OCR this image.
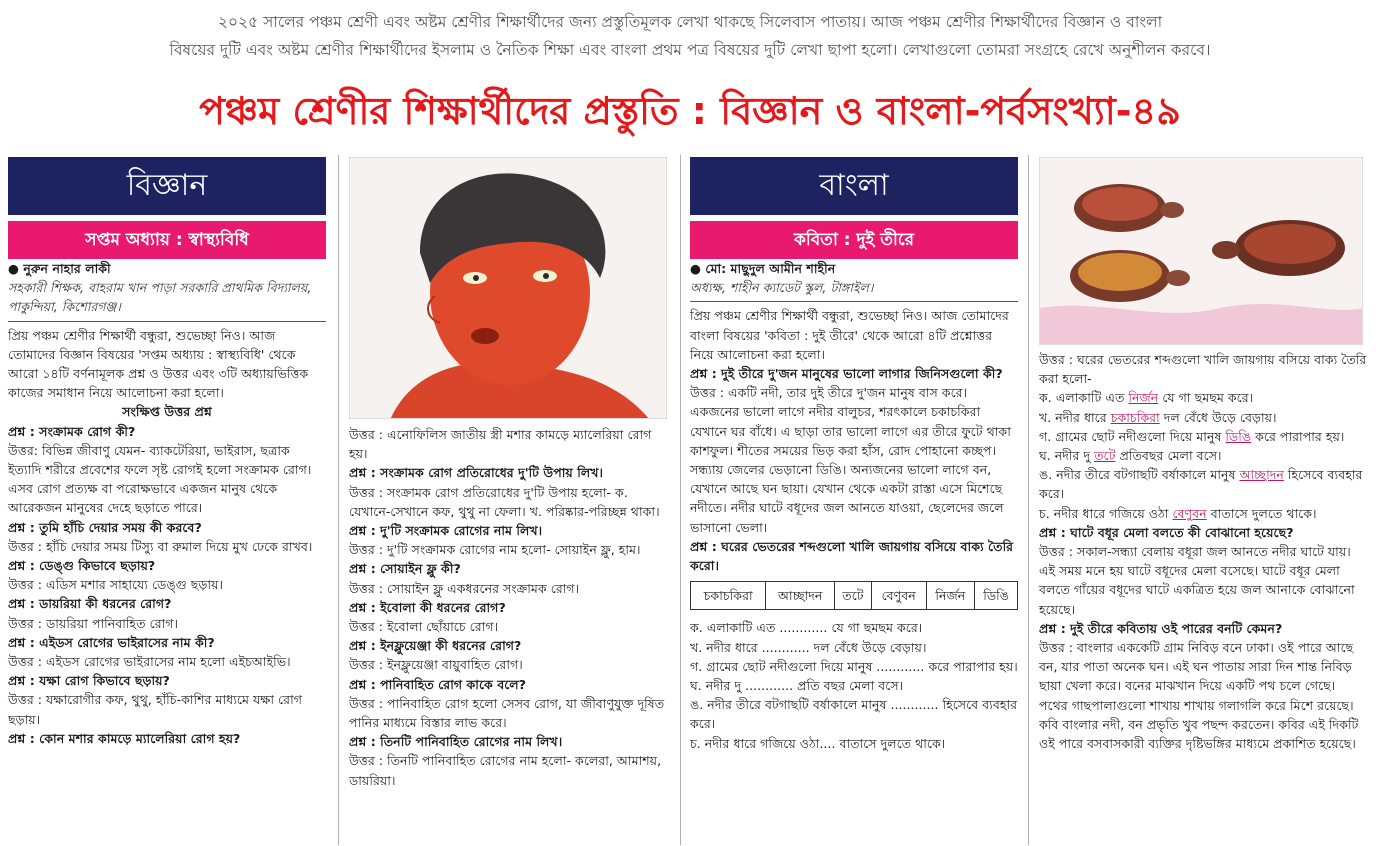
২০২৫ সালের পঞ্চম শ্রেণী এবং অষ্টম শ্রেণীর শিক্ষার্থীদের জন্য প্রস্তুতিমূলক লেখা থাকছে সিলেবাস পাতায়। আজ পঞ্চম শ্রেণীর শিক্ষার্থীদের বিজ্ঞান ও বাংলা
বিষয়ের দুটি এবং অষ্টম শ্রেণীর শিক্ষার্থীদের ইসলাম ও নৈতিক শিক্ষা এবং বাংলা প্রথম পত্র বিষয়ের দুটি লেখা ছাপা হলো। লেখাগুলো তোমরা সংগ্রহে রেখে অনুশীলন করবে।
পঞ্চম শ্রেণীর শিক্ষার্থীদের প্রস্তুতি : বিজ্ঞান ও বাংলা-পর্বসংখ্যা-৪৯
বিজ্ঞান
সপ্তম অধ্যায় : স্বাস্থ্যবিধি

● নুরুন নাহার লাকী

সহকারী শিক্ষক, বাহরাম খান পাড়া সরকারি প্রাথমিক বিদ্যালয়, পাকুন্দিয়া, কিশোরগঞ্জ।

প্রিয় পঞ্চম শ্রেণীর শিক্ষার্থী বন্ধুরা, শুভেচ্ছা নিও। আজ তোমাদের বিজ্ঞান বিষয়ের 'সপ্তম অধ্যায় : স্বাস্থ্যবিধি' থেকে আরো ১৪টি বর্ণনামূলক প্রশ্ন ও উত্তর এবং ৩টি অধ্যায়ভিত্তিক কাজের সমাধান নিয়ে আলোচনা করা হলো।

সংক্ষিপ্ত উত্তর প্রশ্ন

প্রশ্ন : সংক্রামক রোগ কী?

উত্তর: বিভিন্ন জীবাণু যেমন- ব্যাকটেরিয়া, ভাইরাস, ছত্রাক ইত্যাদি শরীরে প্রবেশের ফলে সৃষ্ট রোগই হলো সংক্রামক রোগ। এসব রোগ প্রত্যক্ষ বা পরোক্ষভাবে একজন মানুষ থেকে আরেকজন মানুষের দেহে ছড়াতে পারে।

প্রশ্ন : তুমি হাঁচি দেয়ার সময় কী করবে?

উত্তর : হাঁচি দেয়ার সময় টিস্যু বা রুমাল দিয়ে মুখ ঢেকে রাখব।

প্রশ্ন : ডেঙ্গু কিভাবে ছড়ায়?

উত্তর : এডিস মশার সাহায্যে ডেঙ্গু ছড়ায়।

প্রশ্ন : ডায়রিয়া কী ধরনের রোগ?

উত্তর : ডায়রিয়া পানিবাহিত রোগ।

প্রশ্ন : এইডস রোগের ভাইরাসের নাম কী?

উত্তর : এইডস রোগের ভাইরাসের নাম হলো এইচআইভি।

প্রশ্ন : যক্ষা রোগ কিভাবে ছড়ায়?

উত্তর : যক্ষারোগীর কফ, থুথু, হাঁচি-কাশির মাধ্যমে যক্ষা রোগ ছড়ায়।

প্রশ্ন : কোন মশার কামড়ে ম্যালেরিয়া রোগ হয়?

উত্তর : এনোফিলিস জাতীয় স্ত্রী মশার কামড়ে ম্যালেরিয়া রোগ হয়।

প্রশ্ন : সংক্রামক রোগ প্রতিরোধের দু'টি উপায় লিখ।

উত্তর : সংক্রামক রোগ প্রতিরোধের দু'টি উপায় হলো- ক. যেখানে-সেখানে কফ, থুথু না ফেলা। খ. পরিষ্কার-পরিচ্ছন্ন থাকা।

প্রশ্ন : দু'টি সংক্রামক রোগের নাম লিখ।

উত্তর : দু'টি সংক্রামক রোগের নাম হলো- সোয়াইন ফ্লু, হাম।

প্রশ্ন : সোয়াইন ফ্লু কী?

উত্তর : সোয়াইন ফ্লু একধরনের সংক্রামক রোগ।

প্রশ্ন : ইবোলা কী ধরনের রোগ?

উত্তর : ইবোলা ছোঁয়াচে রোগ।

প্রশ্ন : ইনফ্লুয়েঞ্জা কী ধরনের রোগ?

উত্তর : ইনফ্লুয়েঞ্জা বায়ুবাহিত রোগ।

প্রশ্ন : পানিবাহিত রোগ কাকে বলে?

উত্তর : পানিবাহিত রোগ হলো সেসব রোগ, যা জীবাণুযুক্ত দূষিত পানির মাধ্যমে বিস্তার লাভ করে।

প্রশ্ন : তিনটি পানিবাহিত রোগের নাম লিখ।

উত্তর : তিনটি পানিবাহিত রোগের নাম হলো- কলেরা, আমাশয়, ডায়রিয়া।

বাংলা
কবিতা : দুই তীরে

● মো: মাছুদুল আমীন শাহীন

অধ্যক্ষ, শাহীন ক্যাডেট স্কুল, টাঙ্গাইল।

প্রিয় পঞ্চম শ্রেণীর শিক্ষার্থী বন্ধুরা, শুভেচ্ছা নিও। আজ তোমাদের বাংলা বিষয়ের 'কবিতা : দুই তীরে' থেকে আরো ৪টি প্রশ্নোত্তর নিয়ে আলোচনা করা হলো।

প্রশ্ন : দুই তীরে দু'জন মানুষের ভালো লাগার জিনিসগুলো কী?

উত্তর : একটি নদী, তার দুই তীরে দু'জন মানুষ বাস করে। একজনের ভালো লাগে নদীর বালুচর, শরৎকালে চকাচকিরা যেখানে ঘর বাঁধে। এ ছাড়া তার ভালো লাগে এর তীরে ফুটে থাকা কাশফুল। শীতের সময়ের ভিড় করা হাঁস, রোদ পোহানো কচ্ছপ। সন্ধ্যায় জেলের ভেড়ানো ডিঙি। অন্যজনের ভালো লাগে বন, যেখানে আছে ঘন ছায়া। যেখান থেকে একটা রাস্তা এসে মিশেছে নদীতে। নদীর ঘাটে বধূদের জল আনতে যাওয়া, ছেলেদের জলে ভাসানো ভেলা।

প্রশ্ন : ঘরের ভেতরের শব্দগুলো খালি জায়গায় বসিয়ে বাক্য তৈরি করো।

চকাচকিরা	আচ্ছাদন	তটে	বেণুবন	নির্জন	ডিঙি

ক. এলাকাটি এত ............ যে গা ছমছম করে।

খ. নদীর ধারে ............ দল বেঁধে উড়ে বেড়ায়।

গ. গ্রামের ছোট নদীগুলো দিয়ে মানুষ ............ করে পারাপার হয়।

ঘ. নদীর দু ............ প্রতি বছর মেলা বসে।

ঙ. নদীর তীরে বটগাছটি বর্ষাকালে মানুষ ............ হিসেবে ব্যবহার করে।

চ. নদীর ধারে গজিয়ে ওঠা.... বাতাসে দুলতে থাকে।

উত্তর : ঘরের ভেতরের শব্দগুলো খালি জায়গায় বসিয়ে বাক্য তৈরি করা হলো-

ক. এলাকাটি এত নির্জন যে গা ছমছম করে।

খ. নদীর ধারে চকাচকিরা দল বেঁধে উড়ে বেড়ায়।

গ. গ্রামের ছোট নদীগুলো দিয়ে মানুষ ডিঙি করে পারাপার হয়।

ঘ. নদীর দু তটে প্রতিবছর মেলা বসে।

ঙ. নদীর তীরে বটগাছটি বর্ষাকালে মানুষ আচ্ছাদন হিসেবে ব্যবহার করে।

চ. নদীর ধারে গজিয়ে ওঠা বেণুবন বাতাসে দুলতে থাকে।

প্রশ্ন : ঘাটে বধূর মেলা বলতে কী বোঝানো হয়েছে?

উত্তর : সকাল-সন্ধ্যা বেলায় বধূরা জল আনতে নদীর ঘাটে যায়। এই সময় মনে হয় ঘাটে বধূদের মেলা বসেছে। ঘাটে বধূর মেলা বলতে গাঁয়ের বধূদের ঘাটে একত্রিত হয়ে জল আনাকে বোঝানো হয়েছে।

প্রশ্ন : দুই তীরে কবিতায় ওই পারের বনটি কেমন?

উত্তর : বাংলার এককেটি গ্রাম নিবিড় বনে ঢাকা। ওই পারে আছে বন, যার পাতা অনেক ঘন। এই ঘন পাতায় সারা দিন শান্ত নিবিড় ছায়া খেলা করে। বনের মাঝখান দিয়ে একটি পথ চলে গেছে। পথের গাছপালাগুলো শাখায় শাখায় গলাগলি করে মিশে রয়েছে। কবি বাংলার নদী, বন প্রভৃতি খুব পছন্দ করতেন। কবির এই দিকটি ওই পারে বসবাসকারী ব্যক্তির দৃষ্টিভঙ্গির মাধ্যমে প্রকাশিত হয়েছে।
